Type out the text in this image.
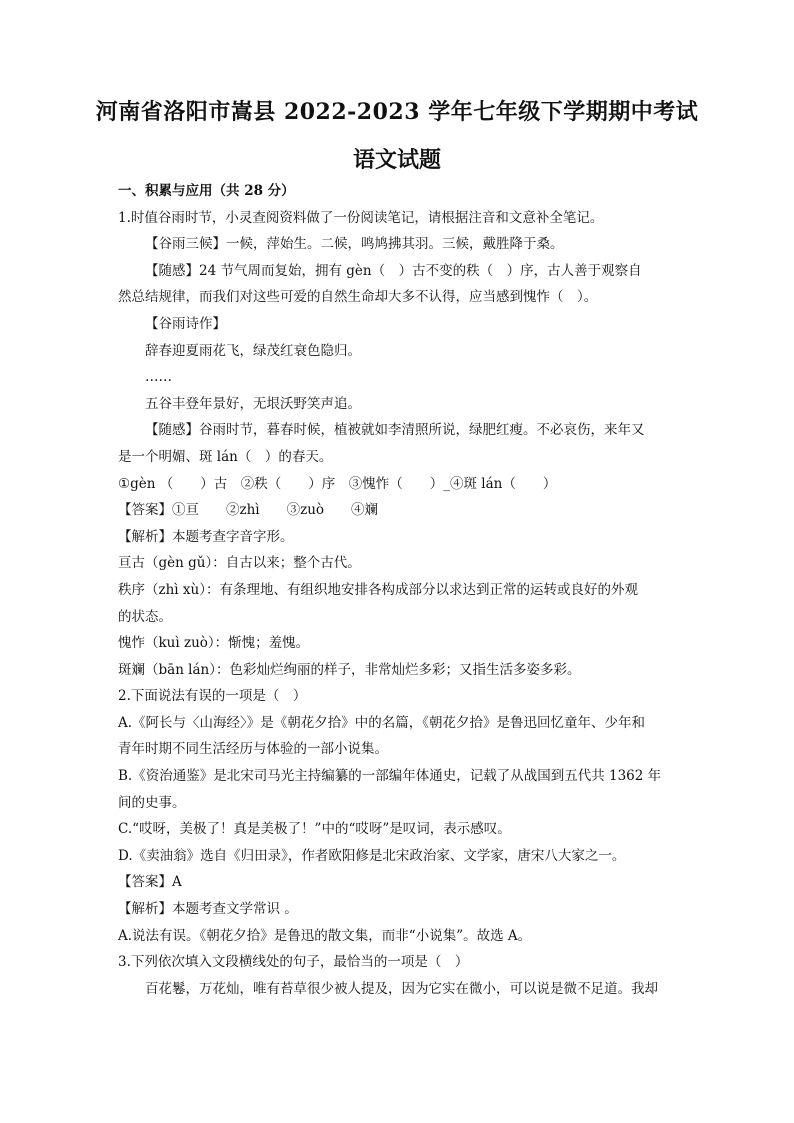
河南省洛阳市嵩县 2022-2023 学年七年级下学期期中考试
语文试题
一、积累与应用（共 28 分）
1.时值谷雨时节，小灵查阅资料做了一份阅读笔记，请根据注音和文意补全笔记。
【谷雨三候】一候，萍始生。二候，鸣鸠拂其羽。三候，戴胜降于桑。
【随感】24 节气周而复始，拥有 gèn（　）古不变的秩（　）序，古人善于观察自
然总结规律，而我们对这些可爱的自然生命却大多不认得，应当感到愧怍（　）。
【谷雨诗作】
辞春迎夏雨花飞，绿茂红衰色隐归。
……
五谷丰登年景好，无垠沃野笑声追。
【随感】谷雨时节，暮春时候，植被就如李清照所说，绿肥红瘦。不必哀伤，来年又
是一个明媚、斑 lán（　）的春天。
①gèn （　　）古　②秩（　　）序　③愧怍（　　）_④斑 lán（　　）
【答案】①亘　　②zhì　　③zuò　　④斓
【解析】本题考查字音字形。
亘古（gèn gǔ）：自古以来；整个古代。
秩序（zhì xù）：有条理地、有组织地安排各构成部分以求达到正常的运转或良好的外观
的状态。
愧怍（kuì zuò）：惭愧；羞愧。
斑斓（bān lán）：色彩灿烂绚丽的样子，非常灿烂多彩；又指生活多姿多彩。
2.下面说法有误的一项是（　）
A.《阿长与〈山海经〉》是《朝花夕拾》中的名篇，《朝花夕拾》是鲁迅回忆童年、少年和
青年时期不同生活经历与体验的一部小说集。
B.《资治通鉴》是北宋司马光主持编纂的一部编年体通史，记载了从战国到五代共 1362 年
间的史事。
C.“哎呀，美极了！真是美极了！”中的“哎呀”是叹词，表示感叹。
D.《卖油翁》选自《归田录》，作者欧阳修是北宋政治家、文学家，唐宋八大家之一。
【答案】A
【解析】本题考查文学常识 。
A.说法有误。《朝花夕拾》是鲁迅的散文集，而非“小说集”。故选 A。
3.下列依次填入文段横线处的句子，最恰当的一项是（　）
百花鬈，万花灿，唯有苔草很少被人提及，因为它实在微小，可以说是微不足道。我却
